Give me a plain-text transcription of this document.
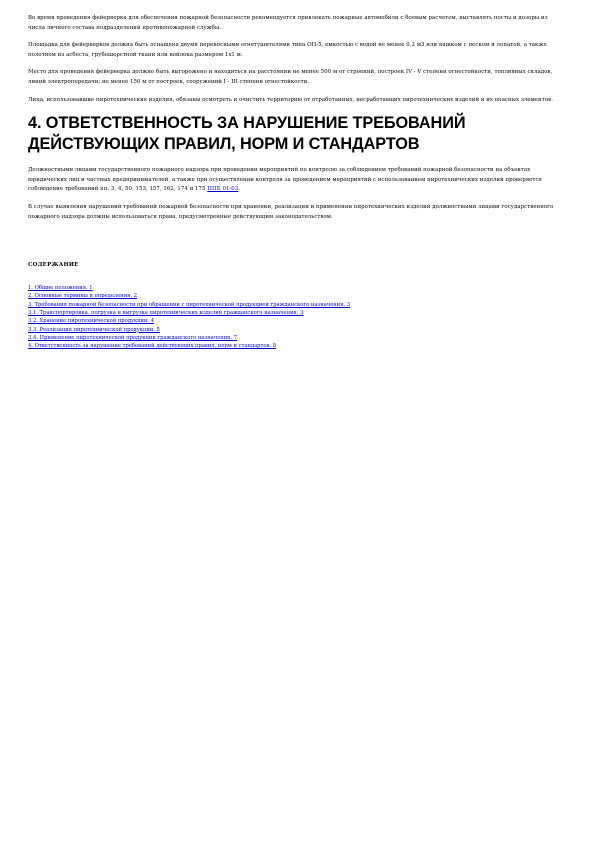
Во время проведения фейерверка для обеспечения пожарной безопасности рекомендуется привлекать пожарные автомобили с боевым расчетом, выставлять посты и дозоры из числа личного состава подразделений противопожарной службы.

Площадка для фейерверков должна быть оснащена двумя переносными огнетушителями типа ОП-5, емкостью с водой не менее 0,2 м3 или ящиком с песком и лопатой, а также полотном из асбеста, грубошерстной ткани или войлока размером 1x1 м.

Место для проведения фейерверка должно быть выгорожено и находиться на расстоянии не менее 500 м от строений, построек IV - V степени огнестойкости, топливных складов, линий электропередачи; не менее 150 м от построек, сооружений I - III степени огнестойкости.

Лица, использовавшие пиротехнические изделия, обязаны осмотреть и очистить территорию от отработанных, несработавших пиротехнических изделий и их опасных элементов.

4. ОТВЕТСТВЕННОСТЬ ЗА НАРУШЕНИЕ ТРЕБОВАНИЙ ДЕЙСТВУЮЩИХ ПРАВИЛ, НОРМ И СТАНДАРТОВ

Должностными лицами государственного пожарного надзора при проведении мероприятий по контролю за соблюдением требований пожарной безопасности на объектах юридических лиц и частных предпринимателей, а также при осуществлении контроля за проведением мероприятий с использованием пиротехнических изделий проверяется соблюдение требований пп. 3, 4, 50, 153, 157, 162, 174 и 175 ППБ 01-03.

В случае выявления нарушений требований пожарной безопасности при хранении, реализации и применении пиротехнических изделий должностными лицами государственного пожарного надзора должны использоваться права, предусмотренные действующим законодательством.

СОДЕРЖАНИЕ
1. Общие положения. 1
2. Основные термины и определения. 2
3. Требования пожарной безопасности при обращении с пиротехнической продукцией гражданского назначения. 3
3.1. Транспортировка, погрузка и выгрузка пиротехнических изделий гражданского назначения. 3
3.2. Хранение пиротехнической продукции. 4
3.3. Реализация пиротехнической продукции. 5
3.4. Применение пиротехнической продукции гражданского назначения. 7
4. Ответственность за нарушение требований действующих правил, норм и стандартов. 8
